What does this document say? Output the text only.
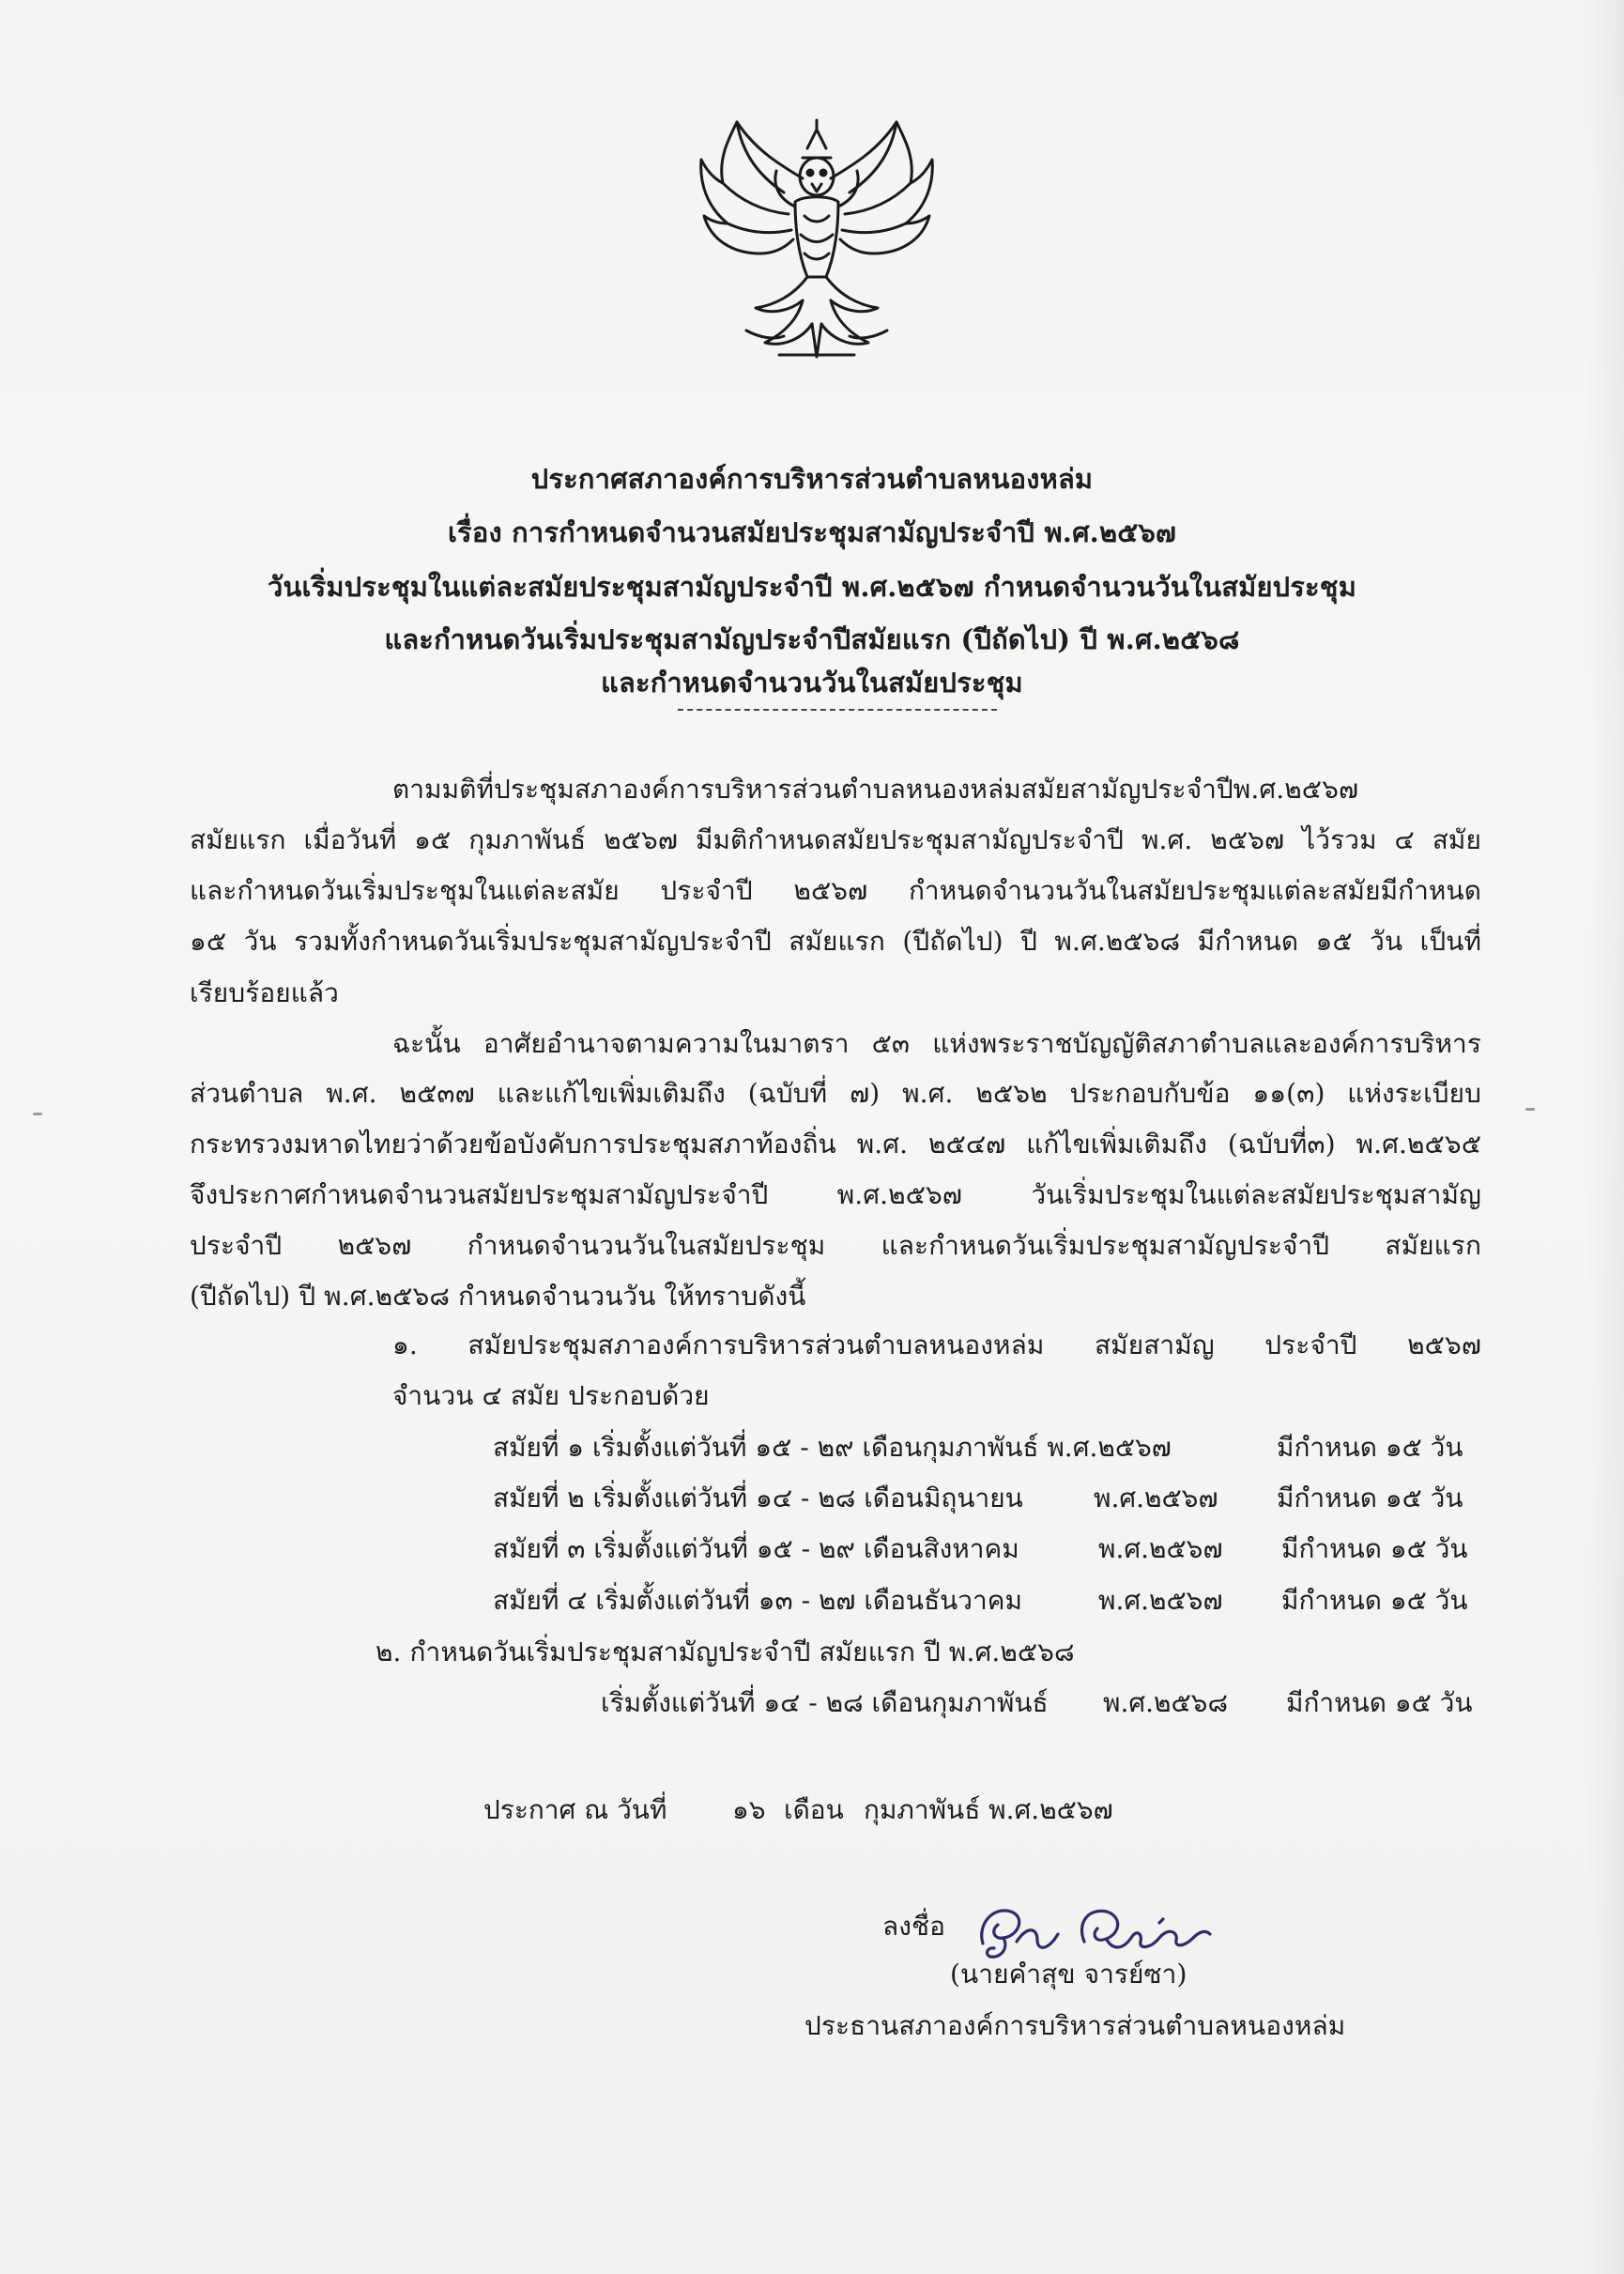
ประกาศสภาองค์การบริหารส่วนตำบลหนองหล่ม
เรื่อง การกำหนดจำนวนสมัยประชุมสามัญประจำปี พ.ศ.๒๕๖๗
วันเริ่มประชุมในแต่ละสมัยประชุมสามัญประจำปี พ.ศ.๒๕๖๗ กำหนดจำนวนวันในสมัยประชุม
และกำหนดวันเริ่มประชุมสามัญประจำปีสมัยแรก (ปีถัดไป) ปี พ.ศ.๒๕๖๘
และกำหนดจำนวนวันในสมัยประชุม
ตามมติที่ประชุมสภาองค์การบริหารส่วนตำบลหนองหล่มสมัยสามัญประจำปีพ.ศ.๒๕๖๗
สมัยแรก เมื่อวันที่ ๑๕ กุมภาพันธ์ ๒๕๖๗ มีมติกำหนดสมัยประชุมสามัญประจำปี พ.ศ. ๒๕๖๗ ไว้รวม ๔ สมัย
และกำหนดวันเริ่มประชุมในแต่ละสมัย ประจำปี ๒๕๖๗ กำหนดจำนวนวันในสมัยประชุมแต่ละสมัยมีกำหนด
๑๕ วัน รวมทั้งกำหนดวันเริ่มประชุมสามัญประจำปี สมัยแรก (ปีถัดไป) ปี พ.ศ.๒๕๖๘ มีกำหนด ๑๕ วัน เป็นที่
เรียบร้อยแล้ว
ฉะนั้น อาศัยอำนาจตามความในมาตรา ๕๓ แห่งพระราชบัญญัติสภาตำบลและองค์การบริหาร
ส่วนตำบล พ.ศ. ๒๕๓๗ และแก้ไขเพิ่มเติมถึง (ฉบับที่ ๗) พ.ศ. ๒๕๖๒ ประกอบกับข้อ ๑๑(๓) แห่งระเบียบ
กระทรวงมหาดไทยว่าด้วยข้อบังคับการประชุมสภาท้องถิ่น พ.ศ. ๒๕๔๗ แก้ไขเพิ่มเติมถึง (ฉบับที่๓) พ.ศ.๒๕๖๕
จึงประกาศกำหนดจำนวนสมัยประชุมสามัญประจำปี พ.ศ.๒๕๖๗ วันเริ่มประชุมในแต่ละสมัยประชุมสามัญ
ประจำปี ๒๕๖๗ กำหนดจำนวนวันในสมัยประชุม และกำหนดวันเริ่มประชุมสามัญประจำปี สมัยแรก
(ปีถัดไป) ปี พ.ศ.๒๕๖๘ กำหนดจำนวนวัน ให้ทราบดังนี้
๑. สมัยประชุมสภาองค์การบริหารส่วนตำบลหนองหล่ม สมัยสามัญ ประจำปี ๒๕๖๗
จำนวน ๔ สมัย ประกอบด้วย
สมัยที่ ๑ เริ่มตั้งแต่วันที่ ๑๕ - ๒๙ เดือนกุมภาพันธ์ พ.ศ.๒๕๖๗	มีกำหนด ๑๕ วัน
สมัยที่ ๒ เริ่มตั้งแต่วันที่ ๑๔ - ๒๘ เดือนมิถุนายน	พ.ศ.๒๕๖๗ มีกำหนด ๑๕ วัน
สมัยที่ ๓ เริ่มตั้งแต่วันที่ ๑๕ - ๒๙ เดือนสิงหาคม	พ.ศ.๒๕๖๗ มีกำหนด ๑๕ วัน
สมัยที่ ๔ เริ่มตั้งแต่วันที่ ๑๓ - ๒๗ เดือนธันวาคม	พ.ศ.๒๕๖๗ มีกำหนด ๑๕ วัน
๒. กำหนดวันเริ่มประชุมสามัญประจำปี สมัยแรก ปี พ.ศ.๒๕๖๘
เริ่มตั้งแต่วันที่ ๑๔ - ๒๘ เดือนกุมภาพันธ์ พ.ศ.๒๕๖๘ มีกำหนด ๑๕ วัน
ประกาศ ณ วันที่ ๑๖ เดือน กุมภาพันธ์ พ.ศ.๒๕๖๗
ลงชื่อ
(นายคำสุข จารย์ซา)
ประธานสภาองค์การบริหารส่วนตำบลหนองหล่ม
